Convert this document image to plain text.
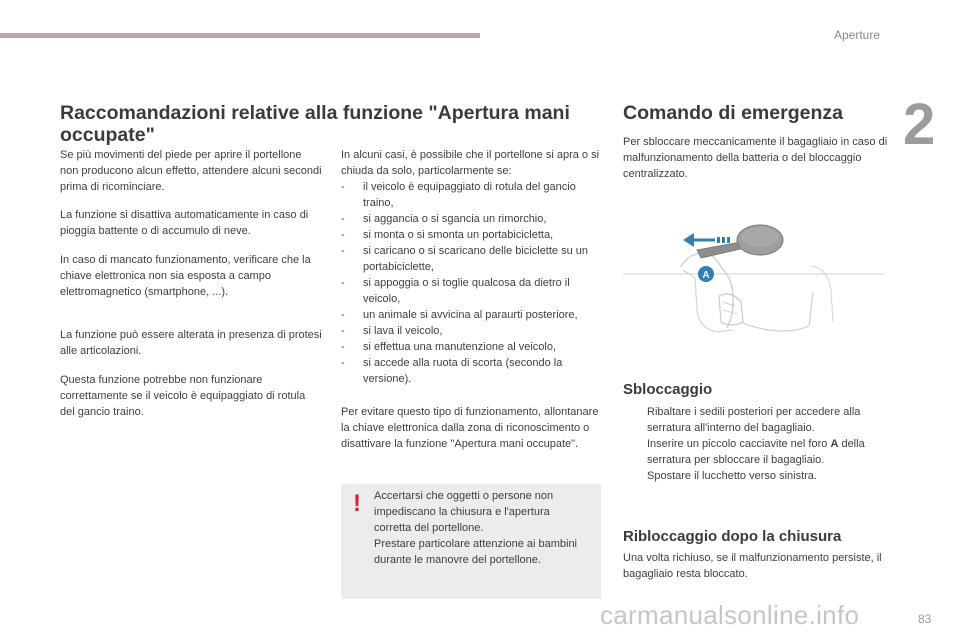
Aperture
2
Raccomandazioni relative alla funzione "Apertura mani occupate"

Se più movimenti del piede per aprire il portellone non producono alcun effetto, attendere alcuni secondi prima di ricominciare.

La funzione si disattiva automaticamente in caso di pioggia battente o di accumulo di neve.

In caso di mancato funzionamento, verificare che la chiave elettronica non sia esposta a campo elettromagnetico (smartphone, ...).

La funzione può essere alterata in presenza di protesi alle articolazioni.

Questa funzione potrebbe non funzionare correttamente se il veicolo è equipaggiato di rotula del gancio traino.

In alcuni casi, è possibile che il portellone si apra o si chiuda da solo, particolarmente se:

- il veicolo è equipaggiato di rotula del gancio traino,
- si aggancia o si sgancia un rimorchio,
- si monta o si smonta un portabicicletta,
- si caricano o si scaricano delle biciclette su un portabiciclette,
- si appoggia o si toglie qualcosa da dietro il veicolo,
- un animale si avvicina al paraurti posteriore,
- si lava il veicolo,
- si effettua una manutenzione al veicolo,
- si accede alla ruota di scorta (secondo la versione).

Per evitare questo tipo di funzionamento, allontanare la chiave elettronica dalla zona di riconoscimento o disattivare la funzione "Apertura mani occupate".

! Accertarsi che oggetti o persone non impediscano la chiusura e l'apertura corretta del portellone.
Prestare particolare attenzione ai bambini durante le manovre del portellone.

Comando di emergenza

Per sbloccare meccanicamente il bagagliaio in caso di malfunzionamento della batteria o del bloccaggio centralizzato.

A
Sbloccaggio
Ribaltare i sedili posteriori per accedere alla serratura all'interno del bagagliaio.
Inserire un piccolo cacciavite nel foro A della serratura per sbloccare il bagagliaio.
Spostare il lucchetto verso sinistra.
Ribloccaggio dopo la chiusura

Una volta richiuso, se il malfunzionamento persiste, il bagagliaio resta bloccato.

carmanualsonline.info	83
